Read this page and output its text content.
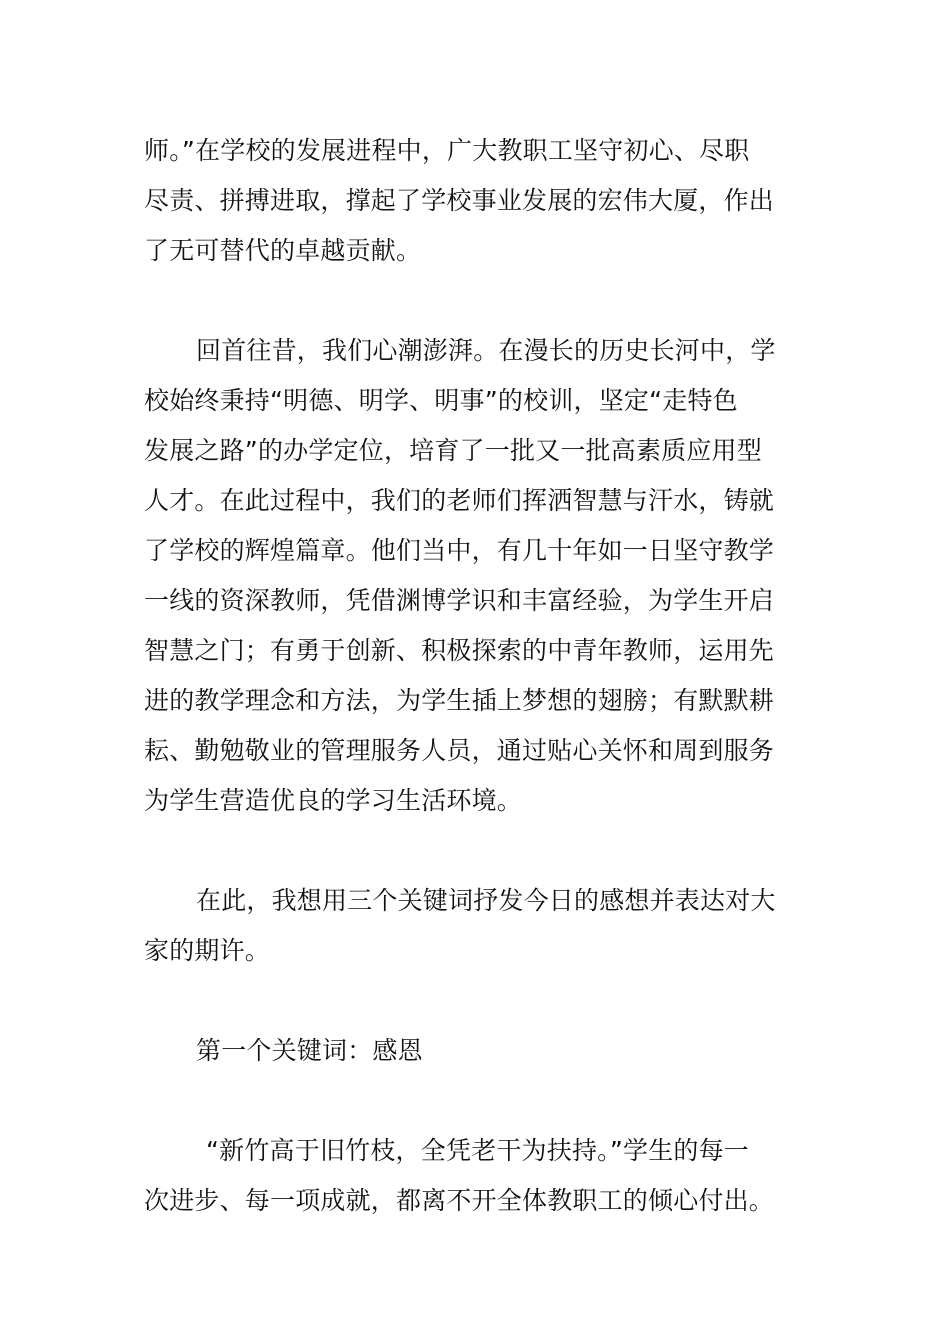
师。”在学校的发展进程中，广大教职工坚守初心、尽职
尽责、拼搏进取，撑起了学校事业发展的宏伟大厦，作出
了无可替代的卓越贡献。
回首往昔，我们心潮澎湃。在漫长的历史长河中，学
校始终秉持“明德、明学、明事”的校训，坚定“走特色
发展之路”的办学定位，培育了一批又一批高素质应用型
人才。在此过程中，我们的老师们挥洒智慧与汗水，铸就
了学校的辉煌篇章。他们当中，有几十年如一日坚守教学
一线的资深教师，凭借渊博学识和丰富经验，为学生开启
智慧之门；有勇于创新、积极探索的中青年教师，运用先
进的教学理念和方法，为学生插上梦想的翅膀；有默默耕
耘、勤勉敬业的管理服务人员，通过贴心关怀和周到服务
为学生营造优良的学习生活环境。
在此，我想用三个关键词抒发今日的感想并表达对大
家的期许。
第一个关键词：感恩
“新竹高于旧竹枝，全凭老干为扶持。”学生的每一
次进步、每一项成就，都离不开全体教职工的倾心付出。
